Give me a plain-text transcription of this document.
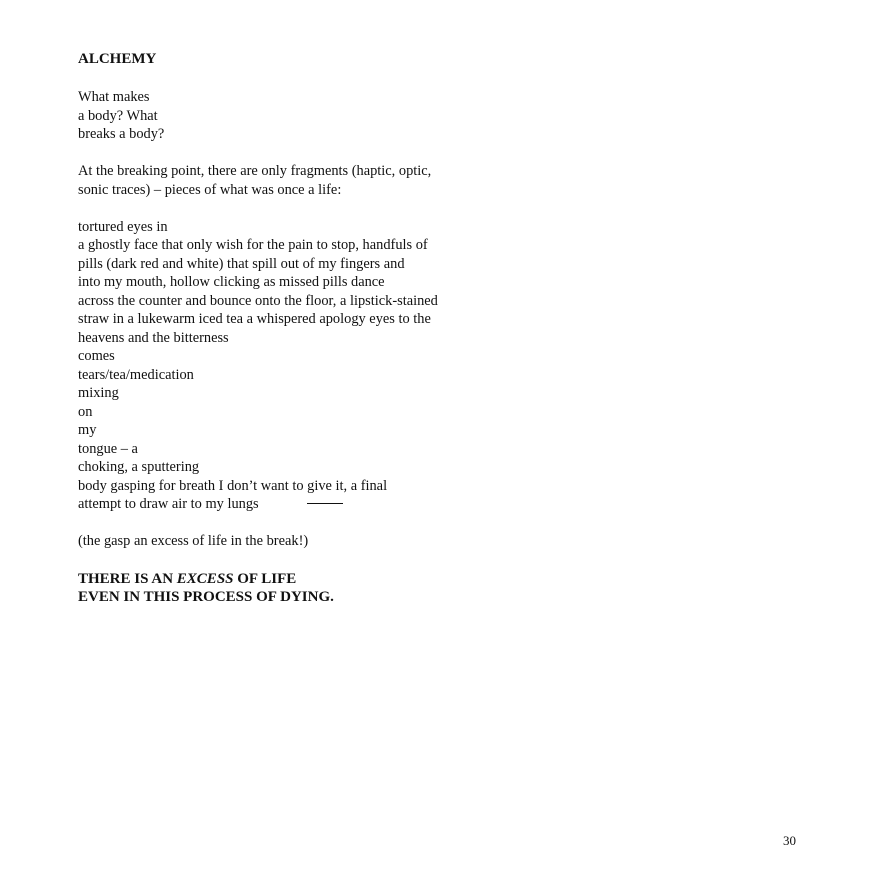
ALCHEMY
What makes
a body? What
breaks a body?
At the breaking point, there are only fragments (haptic, optic,
sonic traces) – pieces of what was once a life:
tortured eyes in
a ghostly face that only wish for the pain to stop, handfuls of
pills (dark red and white) that spill out of my fingers and
into my mouth, hollow clicking as missed pills dance
across the counter and bounce onto the floor, a lipstick-stained
straw in a lukewarm iced tea a whispered apology eyes to the
heavens and the bitterness
comes
tears/tea/medication
mixing
on
my
tongue – a
choking, a sputtering
body gasping for breath I don’t want to give it, a final
attempt to draw air to my lungs
(the gasp an excess of life in the break!)
THERE IS AN EXCESS OF LIFE
EVEN IN THIS PROCESS OF DYING.
30
